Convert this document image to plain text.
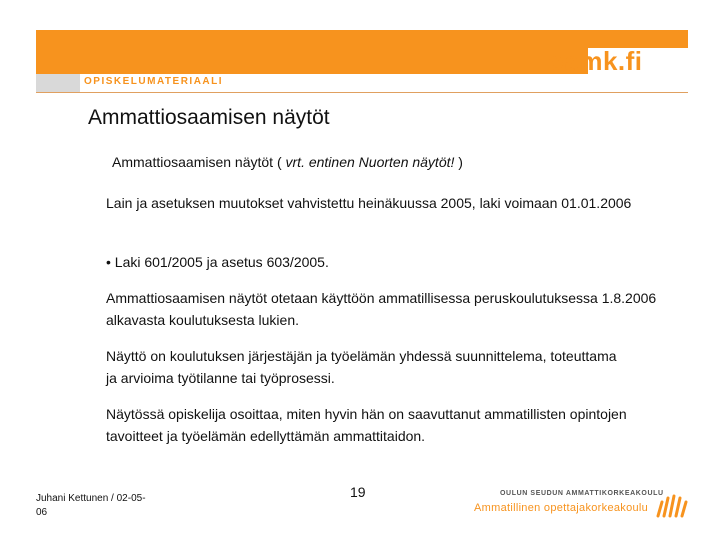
oamk.fi
OPISKELUMATERIAALI
Ammattiosaamisen näytöt
Ammattiosaamisen näytöt ( vrt. entinen Nuorten näytöt! )
Lain ja asetuksen muutokset vahvistettu heinäkuussa 2005, laki voimaan 01.01.2006
• Laki 601/2005 ja asetus 603/2005.
Ammattiosaamisen näytöt otetaan käyttöön ammatillisessa peruskoulutuksessa 1.8.2006 alkavasta koulutuksesta lukien.
Näyttö on koulutuksen järjestäjän ja työelämän yhdessä suunnittelema, toteuttama ja arvioima työtilanne tai työprosessi.
Näytössä opiskelija osoittaa, miten hyvin hän on saavuttanut ammatillisten opintojen tavoitteet ja työelämän edellyttämän ammattitaidon.
Juhani Kettunen / 02-05-06
19	OULUN SEUDUN AMMATTIKORKEAKOULU
Ammatillinen opettajakorkeakoulu
